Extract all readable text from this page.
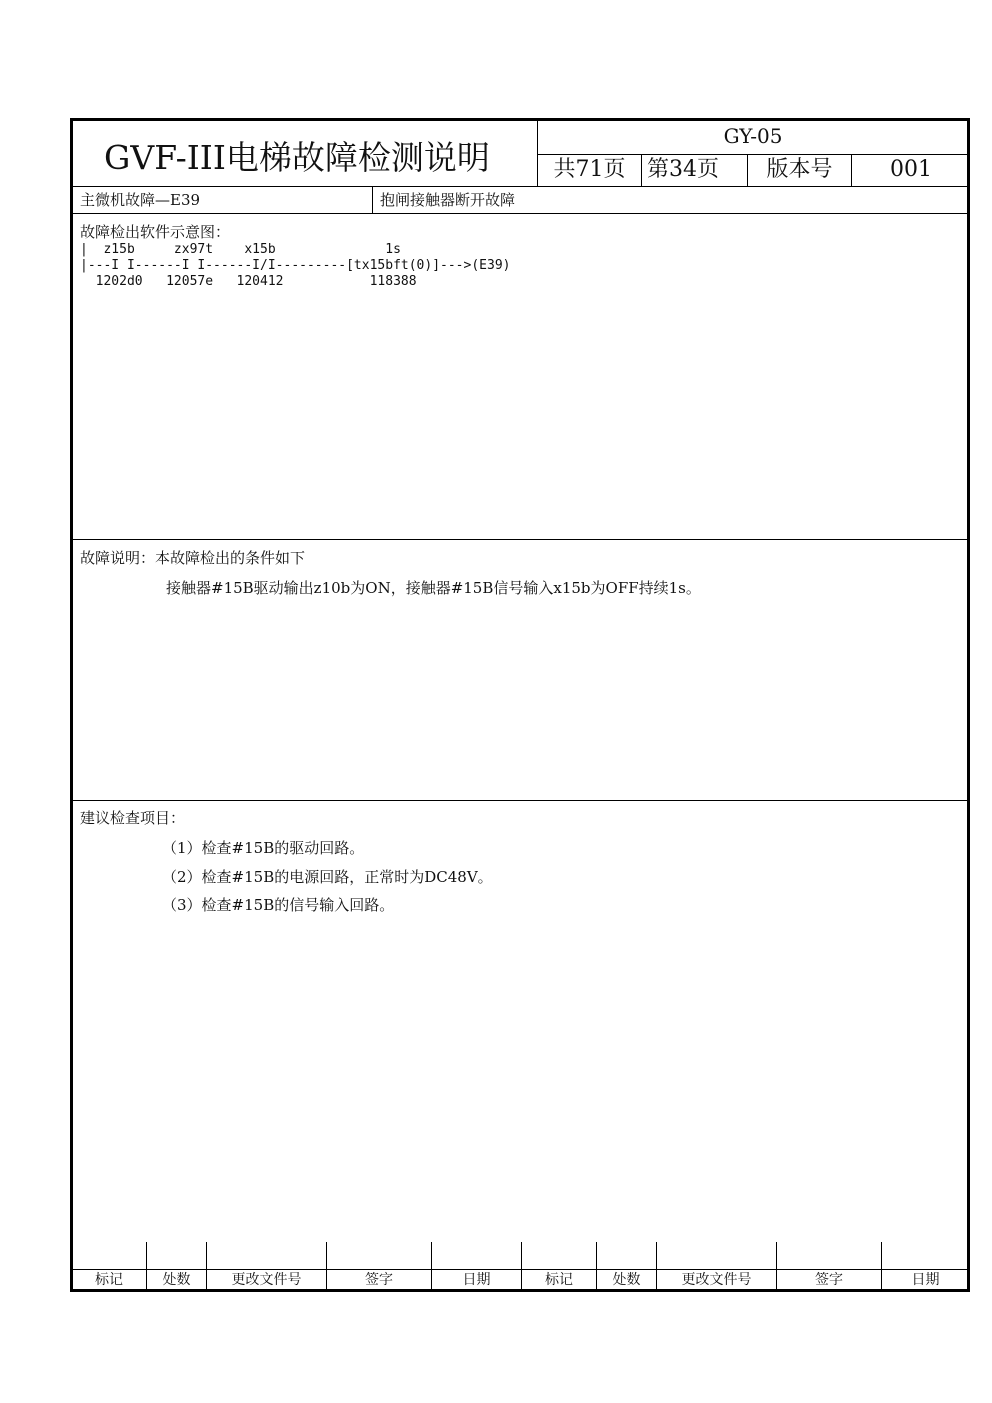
GVF-III电梯故障检测说明
GY-05
共71页 第34页	版本号	001
主微机故障—E39	抱闸接触器断开故障
故障检出软件示意图：
|  z15b     zx97t    x15b              1s
|---I I------I I------I/I---------[tx15bft(0)]--->(E39)
1202d0   12057e   120412           118388
故障说明：本故障检出的条件如下
接触器#15B驱动输出z10b为ON，接触器#15B信号输入x15b为OFF持续1s。
建议检查项目：
（1）检查#15B的驱动回路。
（2）检查#15B的电源回路，正常时为DC48V。
（3）检查#15B的信号输入回路。
标记	处数	更改文件号	签字	日期	标记	处数	更改文件号	签字	日期
